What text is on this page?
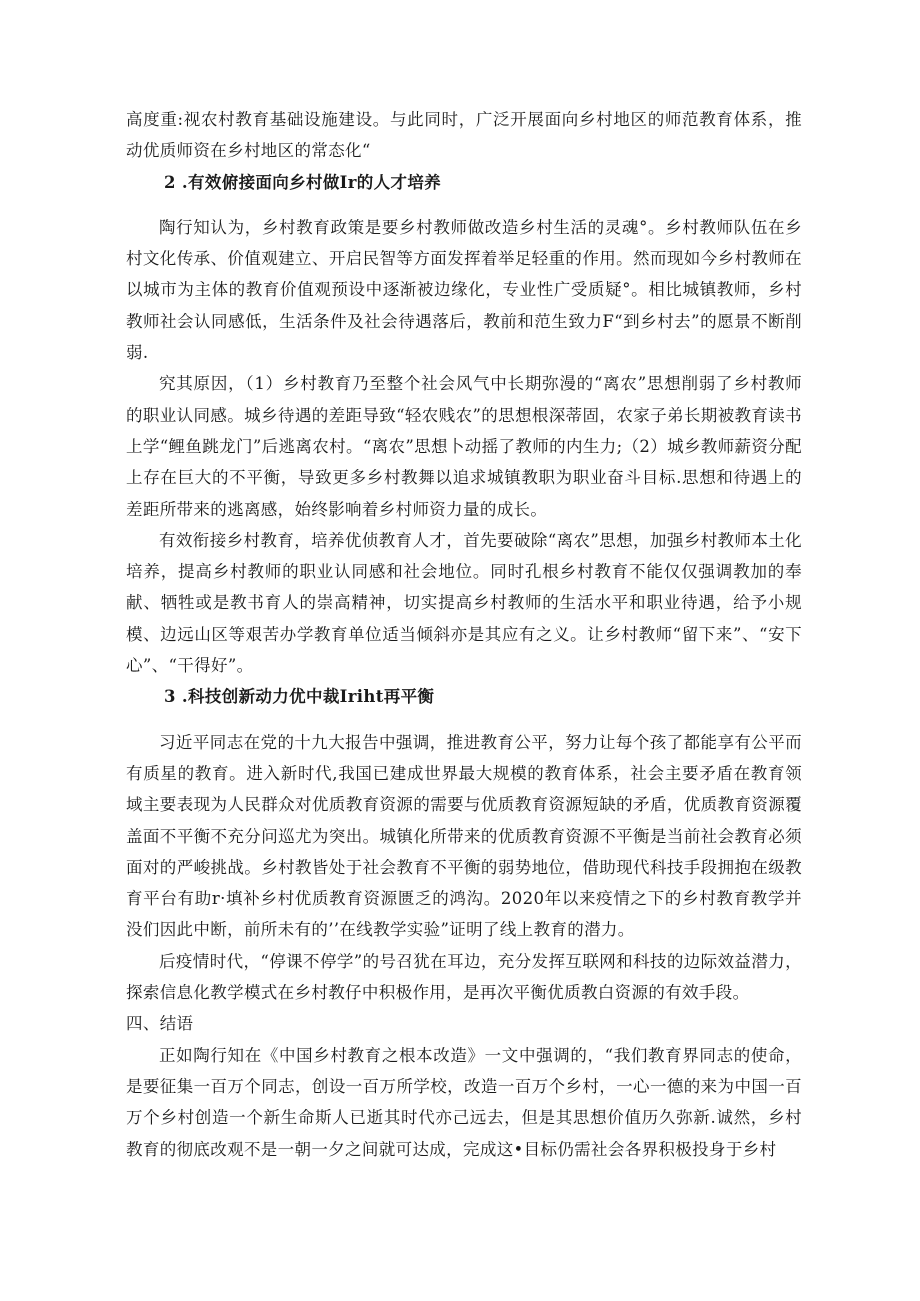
高度重:视农村教育基础设施建设。与此同时，广泛开展面向乡村地区的师范教育体系，推动优质师资在乡村地区的常态化“

2 .有效俯接面向乡村做Ir的人才培养

陶行知认为，乡村教育政策是要乡村教师做改造乡村生活的灵魂°。乡村教师队伍在乡村文化传承、价值观建立、开启民智等方面发挥着举足轻重的作用。然而现如今乡村教师在以城市为主体的教育价值观预设中逐渐被边缘化，专业性广受质疑°。相比城镇教师，乡村教师社会认同感低，生活条件及社会待遇落后，教前和范生致力F“到乡村去”的愿景不断削弱.

究其原因，（1）乡村教育乃至整个社会风气中长期弥漫的“离农”思想削弱了乡村教师的职业认同感。城乡待遇的差距导致“轻农贱农”的思想根深蒂固，农家子弟长期被教育读书上学“鲤鱼跳龙门”后逃离农村。“离农”思想卜动摇了教师的内生力;（2）城乡教师薪资分配上存在巨大的不平衡，导致更多乡村教舞以追求城镇教职为职业奋斗目标.思想和待遇上的差距所带来的逃离感，始终影响着乡村师资力量的成长。

有效衔接乡村教育，培养优侦教育人才，首先要破除“离农”思想，加强乡村教师本土化培养，提高乡村教师的职业认同感和社会地位。同时孔根乡村教育不能仅仅强调教加的奉献、牺牲或是教书育人的崇高精神，切实提高乡村教师的生活水平和职业待遇，给予小规模、边远山区等艰苦办学教育单位适当倾斜亦是其应有之义。让乡村教师“留下来”、“安下心”、“干得好”。

3 .科技创新动力优中裁Iriht再平衡

习近平同志在党的十九大报告中强调，推进教育公平，努力让每个孩了都能享有公平而有质星的教育。进入新时代,我国已建成世界最大规模的教育体系，社会主要矛盾在教育领域主要表现为人民群众对优质教育资源的需要与优质教育资源短缺的矛盾，优质教育资源覆盖面不平衡不充分问巡尤为突出。城镇化所带来的优质教育资源不平衡是当前社会教育必须面对的严峻挑战。乡村教皆处于社会教育不平衡的弱势地位，借助现代科技手段拥抱在级教育平台有助r·填补乡村优质教育资源匮乏的鸿沟。2020年以来疫情之下的乡村教育教学并没们因此中断，前所未有的’’在线教学实验”证明了线上教育的潜力。

后疫情时代，“停课不停学”的号召犹在耳边，充分发挥互联网和科技的边际效益潜力，探索信息化教学模式在乡村教仔中积极作用，是再次平衡优质教白资源的有效手段。

四、结语

正如陶行知在《中国乡村教育之根本改造》一文中强调的，“我们教育界同志的使命，是要征集一百万个同志，创设一百万所学校，改造一百万个乡村，一心一德的来为中国一百万个乡村创造一个新生命斯人已逝其时代亦己远去，但是其思想价值历久弥新.诚然，乡村教育的彻底改观不是一朝一夕之间就可达成，完成这•目标仍需社会各界积极投身于乡村
